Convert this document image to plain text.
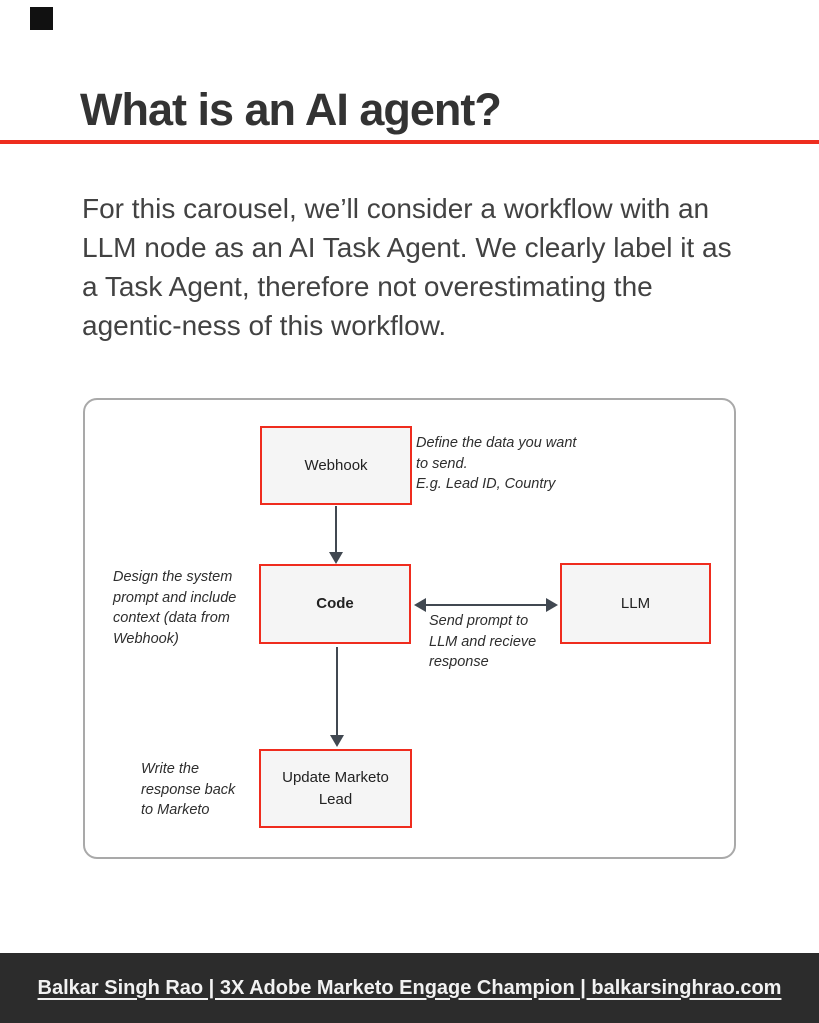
What is an AI agent?
For this carousel, we’ll consider a workflow with an
LLM node as an AI Task Agent. We clearly label it as
a Task Agent, therefore not overestimating the
agentic-ness of this workflow.
Webhook
Code	LLM
Update Marketo Lead
Define the data you want
to send.
E.g. Lead ID, Country
Design the system
prompt and include
context (data from
Webhook)
Send prompt to
LLM and recieve
response
Write the
response back
to Marketo
Balkar Singh Rao | 3X Adobe Marketo Engage Champion | balkarsinghrao.com
